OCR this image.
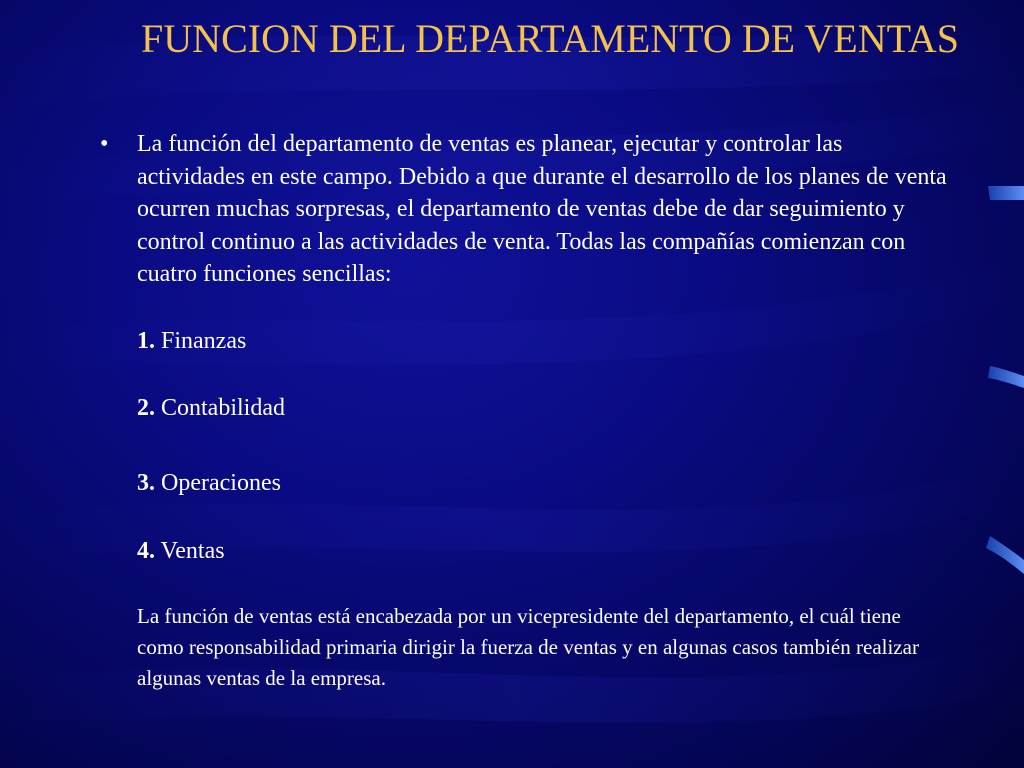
FUNCION DEL DEPARTAMENTO DE VENTAS
• La función del departamento de ventas es planear, ejecutar y controlar las actividades en este campo. Debido a que durante el desarrollo de los planes de venta ocurren muchas sorpresas, el departamento de ventas debe de dar seguimiento y control continuo a las actividades de venta. Todas las compañías comienzan con cuatro funciones sencillas:
1. Finanzas
2. Contabilidad
3. Operaciones
4. Ventas
La función de ventas está encabezada por un vicepresidente del departamento, el cuál tiene como responsabilidad primaria dirigir la fuerza de ventas y en algunas casos también realizar algunas ventas de la empresa.
